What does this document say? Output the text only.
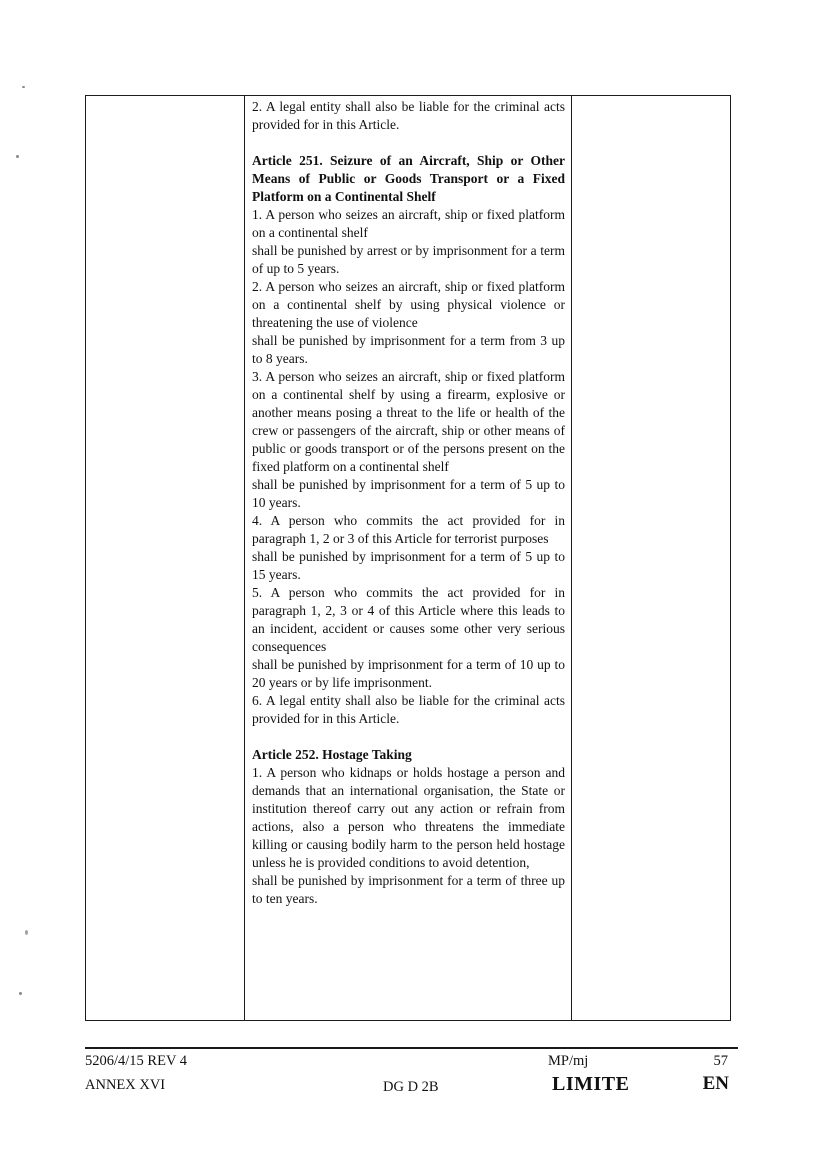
2. A legal entity shall also be liable for the criminal acts provided for in this Article.

Article 251. Seizure of an Aircraft, Ship or Other Means of Public or Goods Transport or a Fixed Platform on a Continental Shelf

1. A person who seizes an aircraft, ship or fixed platform on a continental shelf

shall be punished by arrest or by imprisonment for a term of up to 5 years.

2. A person who seizes an aircraft, ship or fixed platform on a continental shelf by using physical violence or threatening the use of violence

shall be punished by imprisonment for a term from 3 up to 8 years.

3. A person who seizes an aircraft, ship or fixed platform on a continental shelf by using a firearm, explosive or another means posing a threat to the life or health of the crew or passengers of the aircraft, ship or other means of public or goods transport or of the persons present on the fixed platform on a continental shelf

shall be punished by imprisonment for a term of 5 up to 10 years.

4. A person who commits the act provided for in paragraph 1, 2 or 3 of this Article for terrorist purposes

shall be punished by imprisonment for a term of 5 up to 15 years.

5. A person who commits the act provided for in paragraph 1, 2, 3 or 4 of this Article where this leads to an incident, accident or causes some other very serious consequences

shall be punished by imprisonment for a term of 10 up to 20 years or by life imprisonment.

6. A legal entity shall also be liable for the criminal acts provided for in this Article.

Article 252. Hostage Taking

1. A person who kidnaps or holds hostage a person and demands that an international organisation, the State or institution thereof carry out any action or refrain from actions, also a person who threatens the immediate killing or causing bodily harm to the person held hostage unless he is provided conditions to avoid detention,

shall be punished by imprisonment for a term of three up to ten years.

5206/4/15 REV 4	MP/mj	57
ANNEX XVI	DG D 2B	LIMITE	EN
